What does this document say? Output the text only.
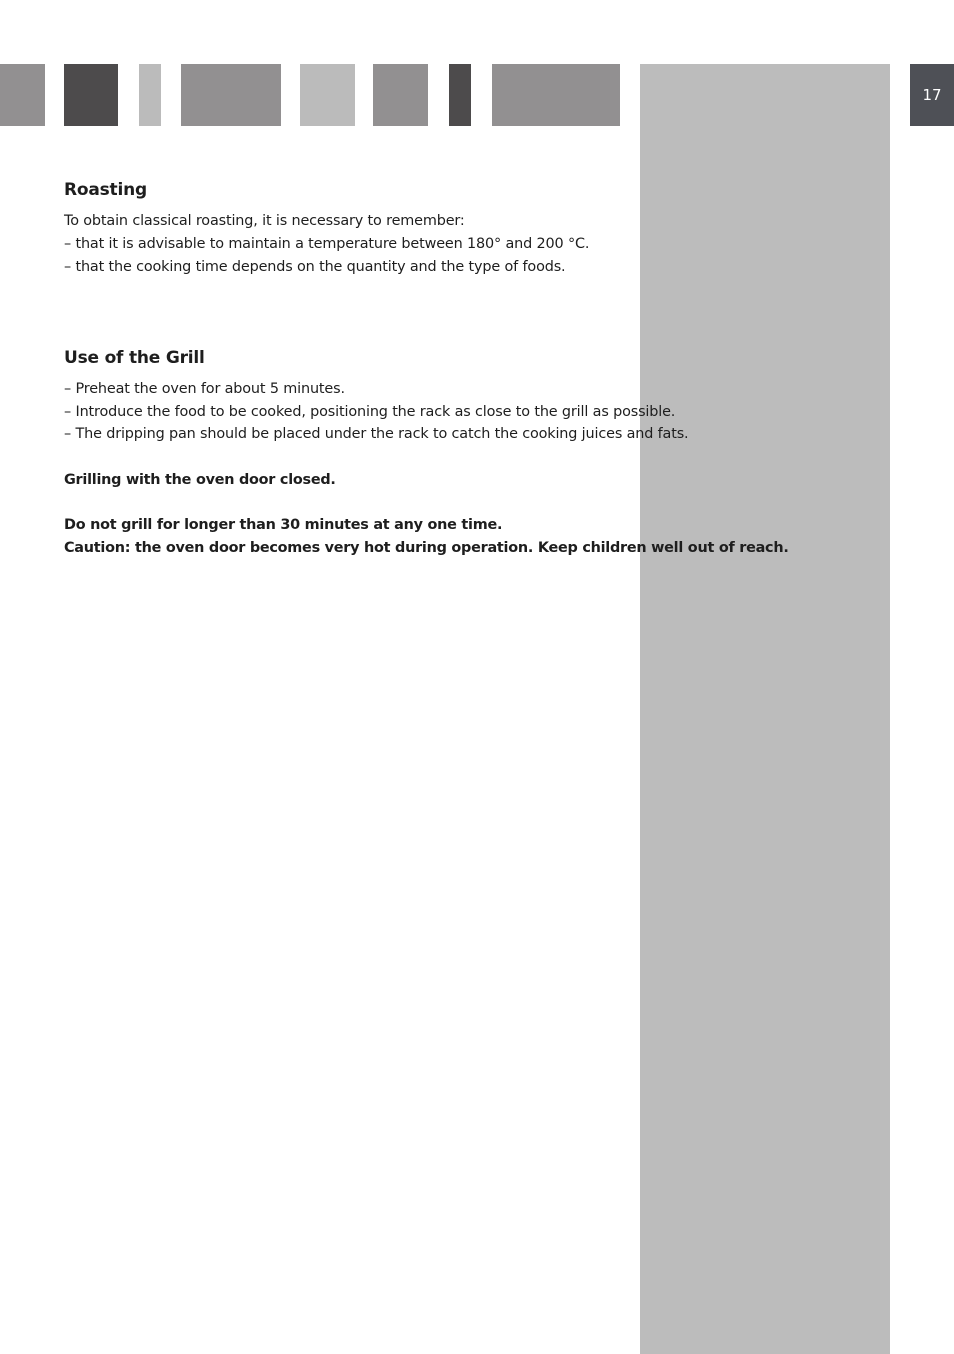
17
Roasting

To obtain classical roasting, it is necessary to remember:

– that it is advisable to maintain a temperature between 180° and 200 °C.

– that the cooking time depends on the quantity and the type of foods.

Use of the Grill

– Preheat the oven for about 5 minutes.

– Introduce the food to be cooked, positioning the rack as close to the grill as possible.

– The dripping pan should be placed under the rack to catch the cooking juices and fats.

Grilling with the oven door closed.

Do not grill for longer than 30 minutes at any one time.

Caution: the oven door becomes very hot during operation. Keep children well out of reach.
